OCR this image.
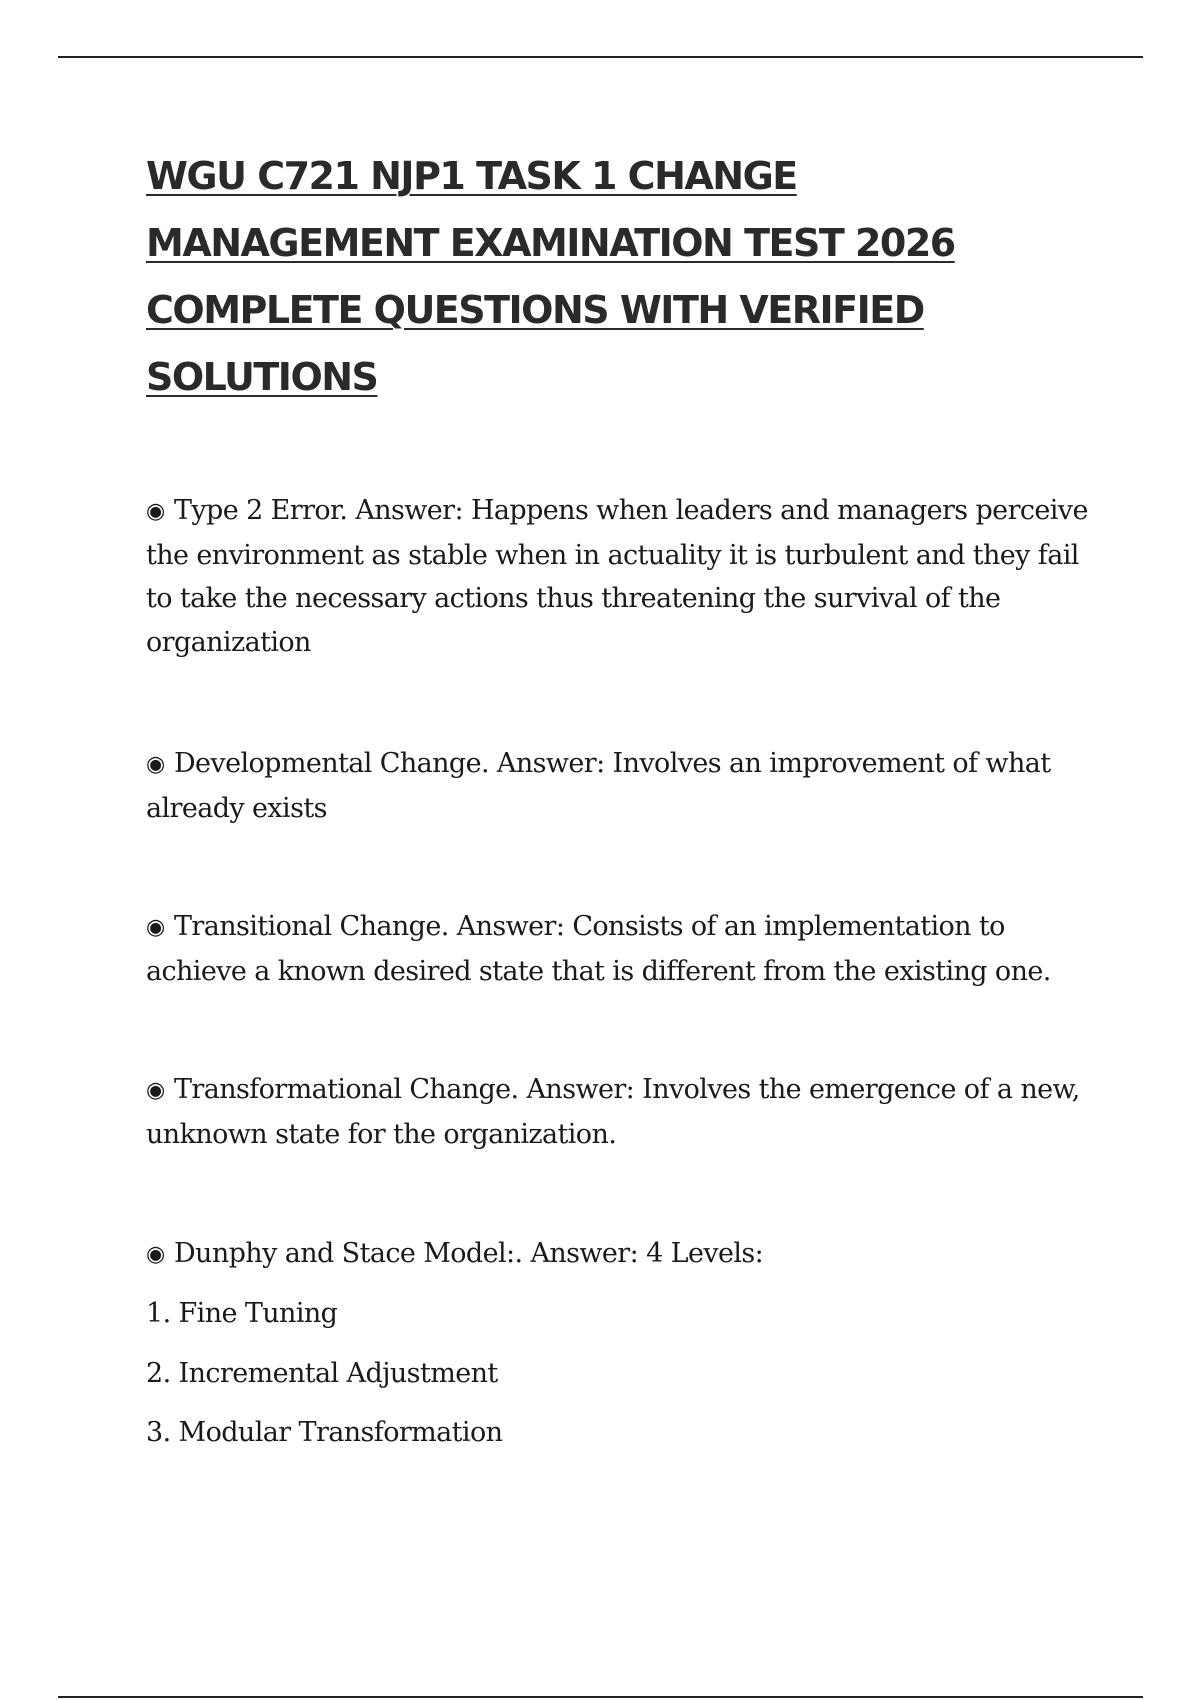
WGU C721 NJP1 TASK 1 CHANGE
MANAGEMENT EXAMINATION TEST 2026
COMPLETE QUESTIONS WITH VERIFIED
SOLUTIONS

◉ Type 2 Error. Answer: Happens when leaders and managers perceive the environment as stable when in actuality it is turbulent and they fail to take the necessary actions thus threatening the survival of the organization

◉ Developmental Change. Answer: Involves an improvement of what already exists

◉ Transitional Change. Answer: Consists of an implementation to achieve a known desired state that is different from the existing one.

◉ Transformational Change. Answer: Involves the emergence of a new, unknown state for the organization.

◉ Dunphy and Stace Model:. Answer: 4 Levels:

1. Fine Tuning

2. Incremental Adjustment

3. Modular Transformation
